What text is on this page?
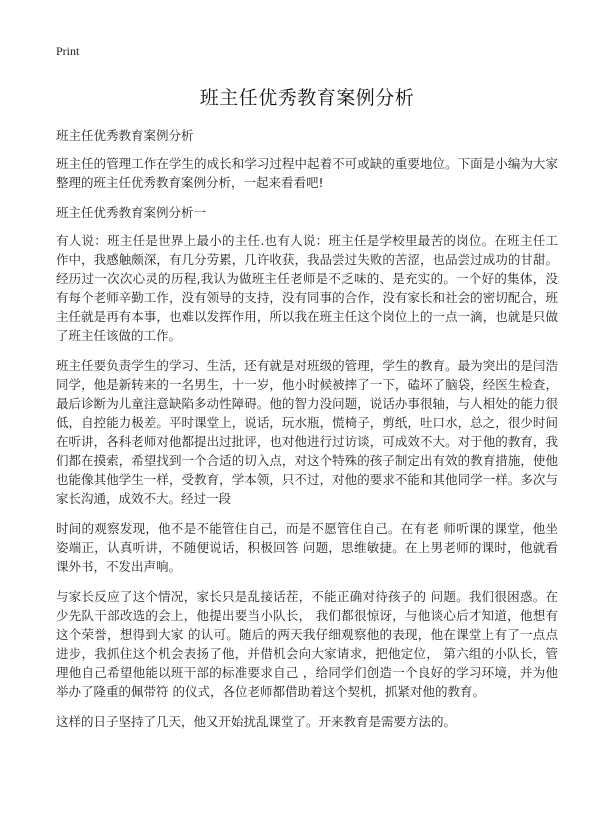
Print
班主任优秀教育案例分析

班主任优秀教育案例分析

班主任的管理工作在学生的成长和学习过程中起着不可或缺的重要地位。下面是小编为大家整理的班主任优秀教育案例分析，一起来看看吧!

班主任优秀教育案例分析一

有人说：班主任是世界上最小的主任.也有人说：班主任是学校里最苦的岗位。在班主任工作中，我感触颇深，有几分劳累，几许收获，我品尝过失败的苦涩，也品尝过成功的甘甜。经历过一次次心灵的历程,我认为做班主任老师是不乏味的、是充实的。一个好的集体，没有每个老师辛勤工作，没有领导的支持，没有同事的合作，没有家长和社会的密切配合，班主任就是再有本事，也难以发挥作用，所以我在班主任这个岗位上的一点一滴，也就是只做了班主任该做的工作。

班主任要负责学生的学习、生活，还有就是对班级的管理，学生的教育。最为突出的是闫浩同学，他是新转来的一名男生，十一岁，他小时候被摔了一下，磕坏了脑袋，经医生检查，最后诊断为儿童注意缺陷多动性障碍。他的智力没问题，说话办事很轴，与人相处的能力很低，自控能力极差。平时课堂上，说话，玩水瓶，慌椅子，剪纸，吐口水，总之，很少时间在听讲，各科老师对他都提出过批评，也对他进行过访谈，可成效不大。对于他的教育，我们都在摸索，希望找到一个合适的切入点，对这个特殊的孩子制定出有效的教育措施，使他也能像其他学生一样，受教育，学本领，只不过，对他的要求不能和其他同学一样。多次与家长沟通，成效不大。经过一段

时间的观察发现，他不是不能管住自己，而是不愿管住自己。在有老 师听课的课堂，他坐姿端正，认真听讲，不随便说话，积极回答 问题，思维敏捷。在上男老师的课时，他就看课外书，不发出声响。

与家长反应了这个情况，家长只是乱接话茬，不能正确对待孩子的 问题。我们很困惑。在少先队干部改选的会上，他提出要当小队长， 我们都很惊讶，与他谈心后才知道，他想有这个荣誉，想得到大家 的认可。随后的两天我仔细观察他的表现，他在课堂上有了一点点 进步，我抓住这个机会表扬了他，并借机会向大家请求，把他定位， 第六组的小队长，管理他自己希望他能以班干部的标准要求自己 ，给同学们创造一个良好的学习环境，并为他举办了隆重的佩带符 的仪式，各位老师都借助着这个契机，抓紧对他的教育。

这样的日子坚持了几天，他又开始扰乱课堂了。开来教育是需要方法的。
